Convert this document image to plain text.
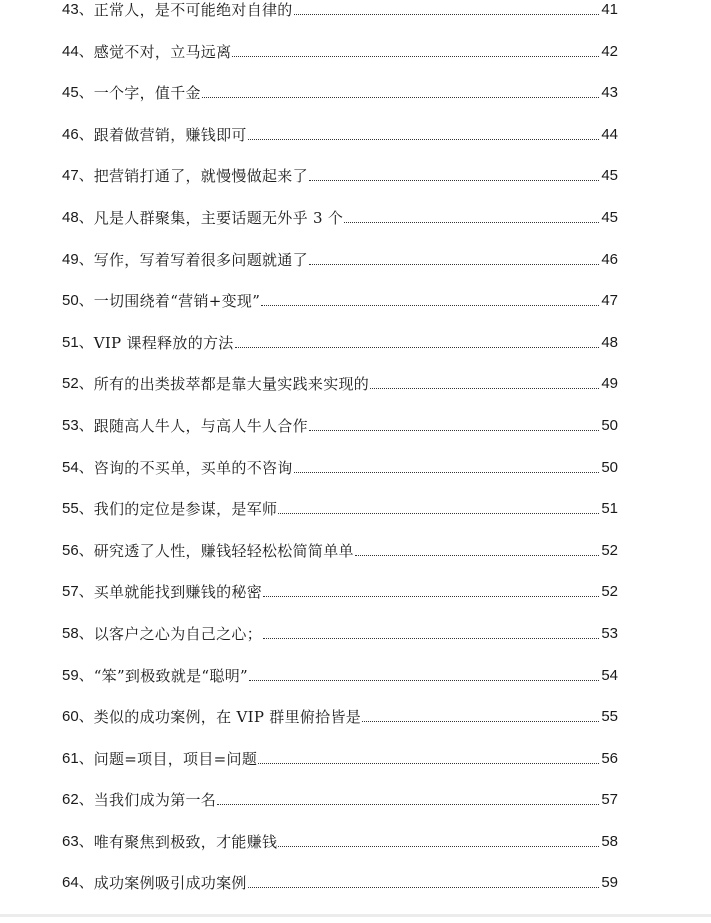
43、 正常人，是不可能绝对自律的	41
44、 感觉不对，立马远离	42
45、 一个字，值千金	43
46、 跟着做营销，赚钱即可	44
47、 把营销打通了，就慢慢做起来了	45
48、 凡是人群聚集，主要话题无外乎 3 个	45
49、 写作，写着写着很多问题就通了	46
50、 一切围绕着“营销+变现”	47
51、 VIP 课程释放的方法	48
52、 所有的出类拔萃都是靠大量实践来实现的	49
53、 跟随高人牛人，与高人牛人合作	50
54、 咨询的不买单，买单的不咨询	50
55、 我们的定位是参谋，是军师	51
56、 研究透了人性，赚钱轻轻松松简简单单	52
57、 买单就能找到赚钱的秘密	52
58、 以客户之心为自己之心；	53
59、 “笨”到极致就是“聪明”	54
60、 类似的成功案例，在 VIP 群里俯拾皆是	55
61、 问题=项目，项目=问题	56
62、 当我们成为第一名	57
63、 唯有聚焦到极致，才能赚钱	58
64、 成功案例吸引成功案例	59
